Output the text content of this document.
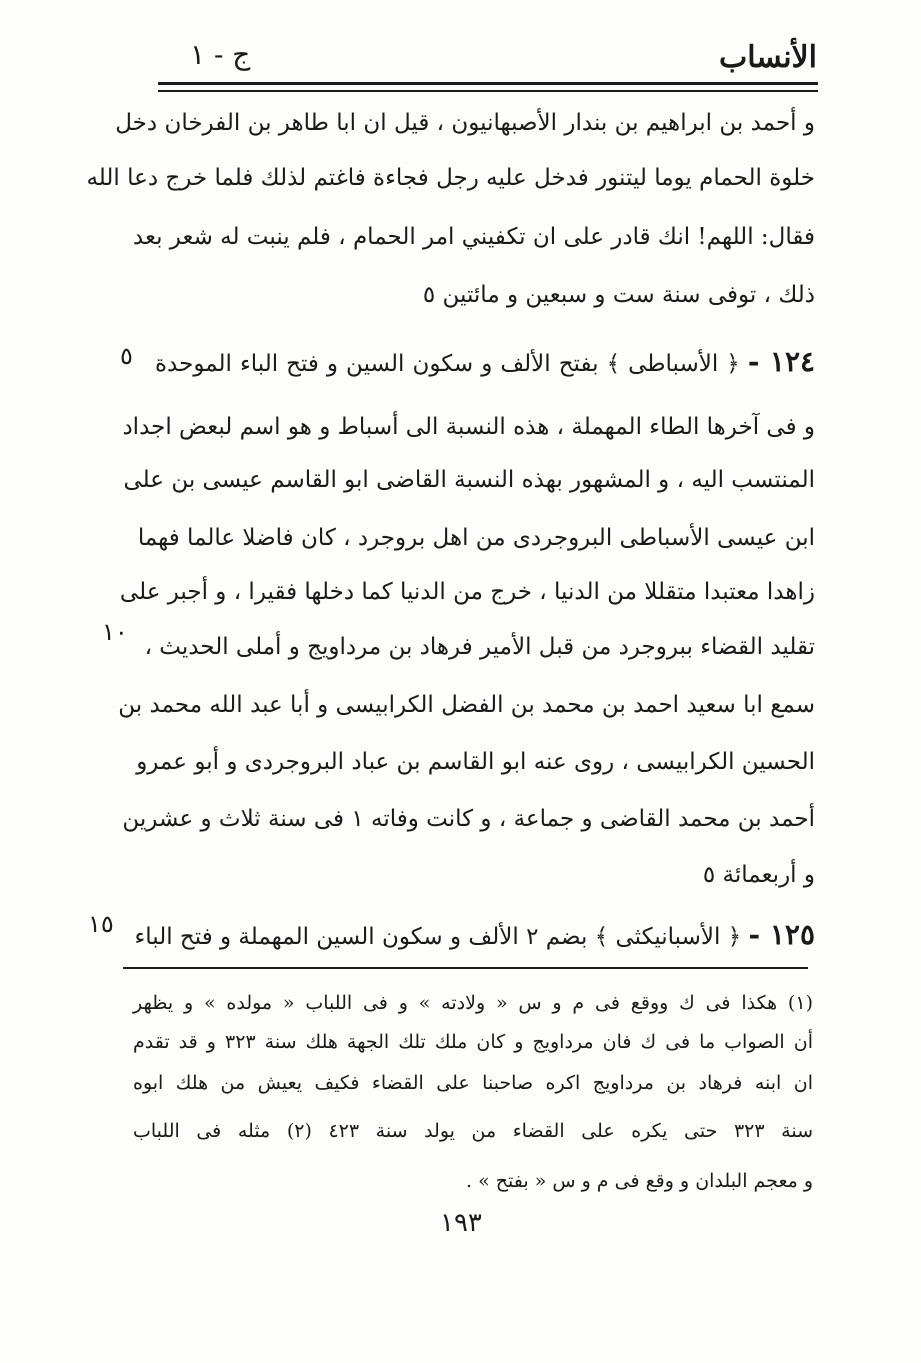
الأنساب
ج - ١
و أحمد بن ابراهيم بن بندار الأصبهانيون ، قيل ان ابا طاهر بن الفرخان دخل
خلوة الحمام يوما ليتنور فدخل عليه رجل فجاءة فاغتم لذلك فلما خرج دعا الله
فقال: اللهم! انك قادر على ان تكفيني امر الحمام ، فلم ينبت له شعر بعد
ذلك ، توفى سنة ست و سبعين و مائتين ٥
١٢٤ - ﴿ الأسباطى ﴾ بفتح الألف و سكون السين و فتح الباء الموحدة
و فى آخرها الطاء المهملة ، هذه النسبة الى أسباط و هو اسم لبعض اجداد
المنتسب اليه ، و المشهور بهذه النسبة القاضى ابو القاسم عيسى بن على
ابن عيسى الأسباطى البروجردى من اهل بروجرد ، كان فاضلا عالما فهما
زاهدا معتبدا متقللا من الدنيا ، خرج من الدنيا كما دخلها فقيرا ، و أجبر على
تقليد القضاء ببروجرد من قبل الأمير فرهاد بن مرداويج و أملى الحديث ،
سمع ابا سعيد احمد بن محمد بن الفضل الكرابيسى و أبا عبد الله محمد بن
الحسين الكرابيسى ، روى عنه ابو القاسم بن عباد البروجردى و أبو عمرو
أحمد بن محمد القاضى و جماعة ، و كانت وفاته ١ فى سنة ثلاث و عشرين
و أربعمائة ٥
١٢٥ - ﴿ الأسبانيكثى ﴾ بضم ٢ الألف و سكون السين المهملة و فتح الباء
٥
١٠
١٥
(١) هكذا فى ك ووقع فى م و س « ولادته » و فى اللباب « مولده » و يظهر
أن الصواب ما فى ك فان مرداويج و كان ملك تلك الجهة هلك سنة ٣٢٣ و قد تقدم
ان ابنه فرهاد بن مرداويج اكره صاحبنا على القضاء فكيف يعيش من هلك ابوه
سنة ٣٢٣ حتى يكره على القضاء من يولد سنة ٤٢٣ (٢) مثله فى اللباب
و معجم البلدان و وقع فى م و س « بفتح » .
١٩٣
